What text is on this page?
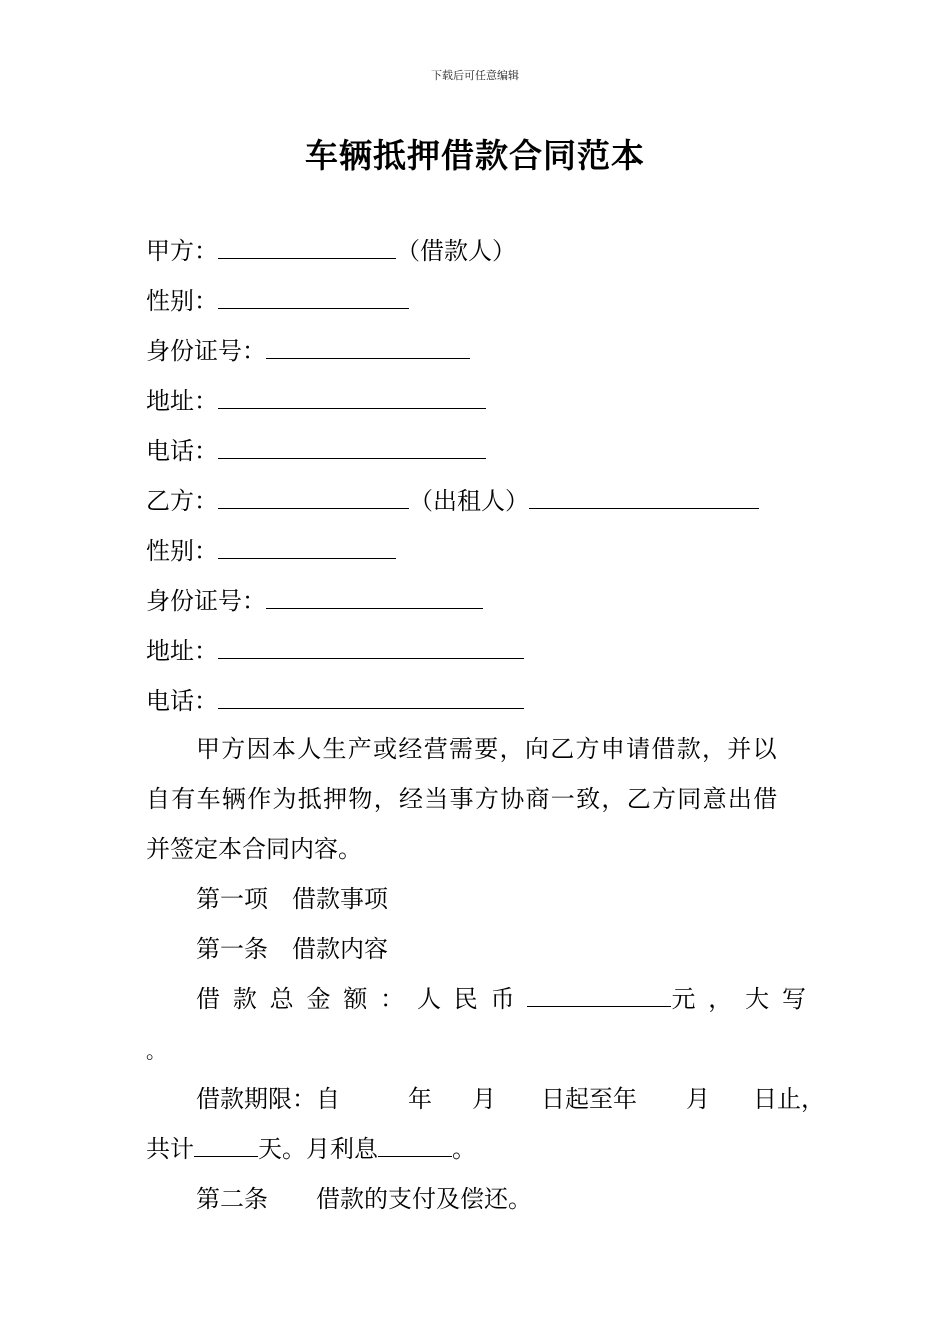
下载后可任意编辑
车辆抵押借款合同范本
甲方：	（借款人）
性别：
身份证号：
地址：
电话：
乙方：	（出租人）
性别：
身份证号：
地址：
电话：
甲方因本人生产或经营需要，向乙方申请借款，并以
自有车辆作为抵押物，经当事方协商一致，乙方同意出借
并签定本合同内容。
第一项　借款事项
第一条　借款内容
借 款 总 金 额 ： 人 民 币	元 ， 大 写
。
借款期限：自	年 月 日起至年 月 日止，
共计	天。月利息	。
第二条　　借款的支付及偿还。
